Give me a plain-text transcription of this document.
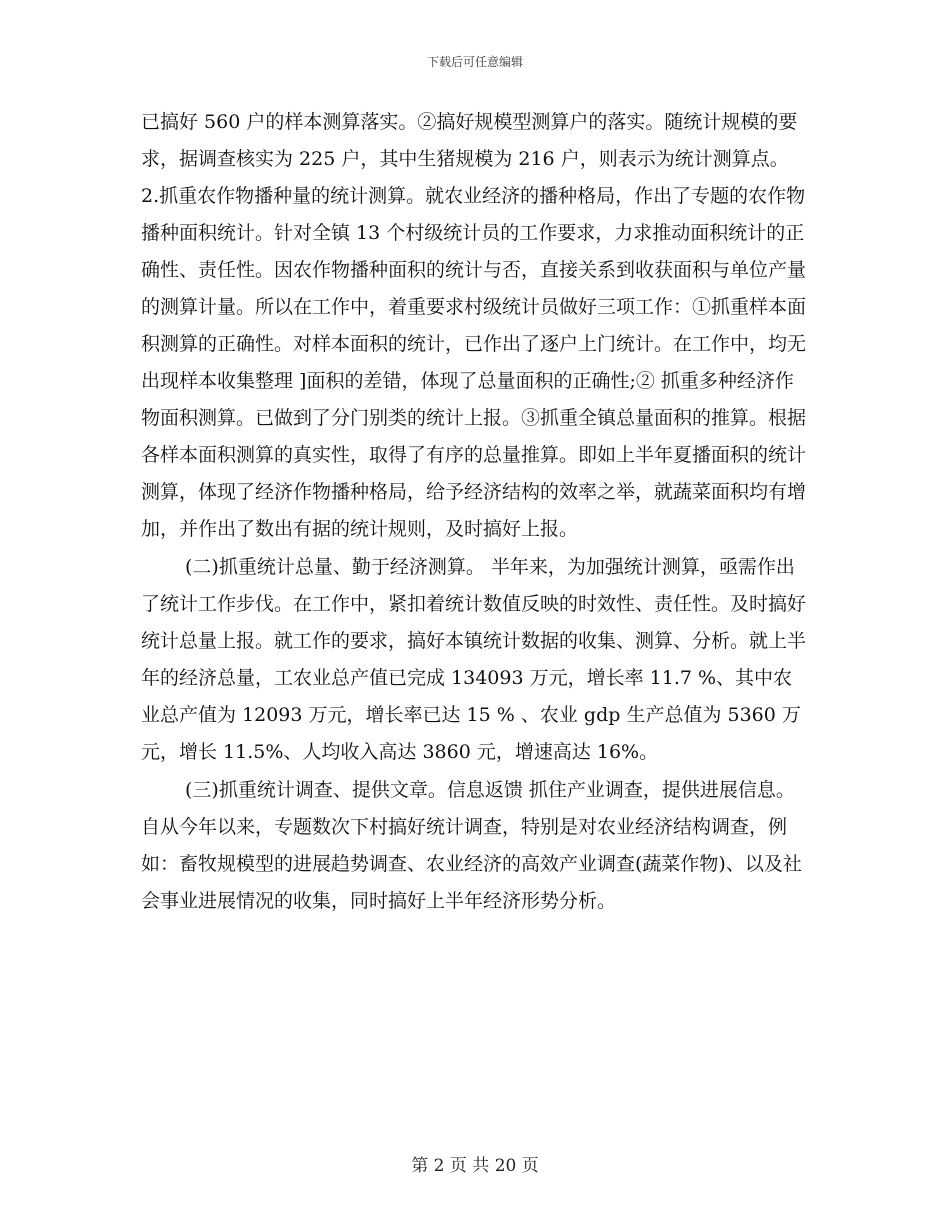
下载后可任意编辑

已搞好 560 户的样本测算落实。②搞好规模型测算户的落实。随统计规模的要求，据调查核实为 225 户，其中生猪规模为 216 户，则表示为统计测算点。 2.抓重农作物播种量的统计测算。就农业经济的播种格局，作出了专题的农作物播种面积统计。针对全镇 13 个村级统计员的工作要求，力求推动面积统计的正确性、责任性。因农作物播种面积的统计与否，直接关系到收获面积与单位产量的测算计量。所以在工作中，着重要求村级统计员做好三项工作：①抓重样本面积测算的正确性。对样本面积的统计，已作出了逐户上门统计。在工作中，均无出现样本收集整理 ]面积的差错，体现了总量面积的正确性;② 抓重多种经济作物面积测算。已做到了分门别类的统计上报。③抓重全镇总量面积的推算。根据各样本面积测算的真实性，取得了有序的总量推算。即如上半年夏播面积的统计测算，体现了经济作物播种格局，给予经济结构的效率之举，就蔬菜面积均有增加，并作出了数出有据的统计规则，及时搞好上报。

(二)抓重统计总量、勤于经济测算。 半年来，为加强统计测算，亟需作出了统计工作步伐。在工作中，紧扣着统计数值反映的时效性、责任性。及时搞好统计总量上报。就工作的要求，搞好本镇统计数据的收集、测算、分析。就上半年的经济总量，工农业总产值已完成 134093 万元，增长率 11.7 %、其中农业总产值为 12093 万元，增长率已达 15 % 、农业 gdp 生产总值为 5360 万元，增长 11.5%、人均收入高达 3860 元，增速高达 16%。

(三)抓重统计调查、提供文章。信息返馈 抓住产业调查，提供进展信息。自从今年以来，专题数次下村搞好统计调查，特别是对农业经济结构调查，例如：畜牧规模型的进展趋势调查、农业经济的高效产业调查(蔬菜作物)、以及社会事业进展情况的收集，同时搞好上半年经济形势分析。

第 2 页 共 20 页
